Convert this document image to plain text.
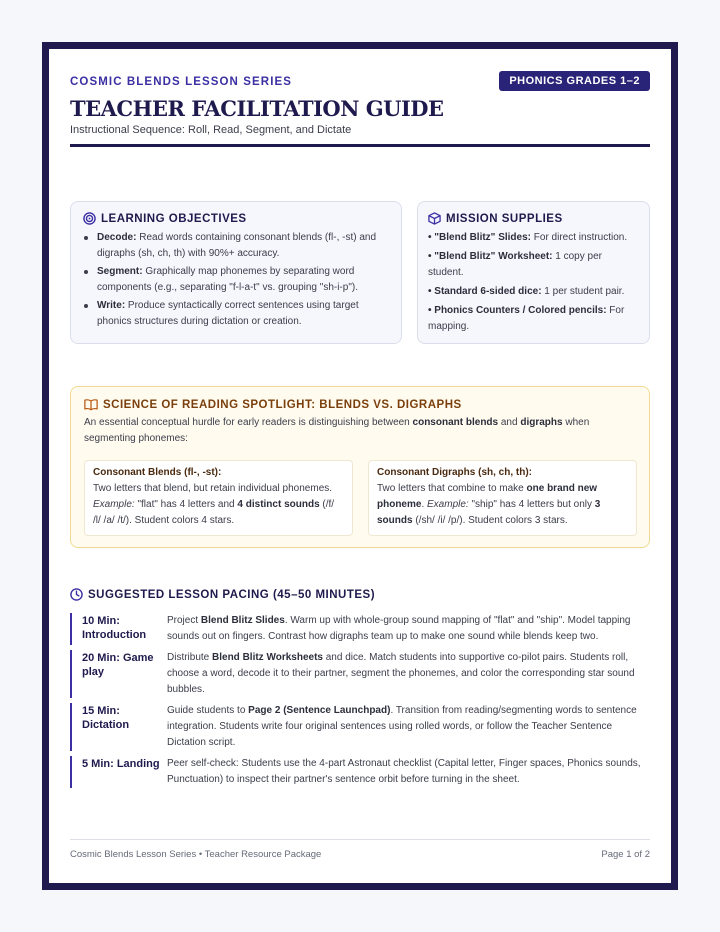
COSMIC BLENDS LESSON SERIES	PHONICS GRADES 1–2
TEACHER FACILITATION GUIDE
Instructional Sequence: Roll, Read, Segment, and Dictate
LEARNING OBJECTIVES
Decode: Read words containing consonant blends (fl-, -st) and digraphs (sh, ch, th) with 90%+ accuracy.
Segment: Graphically map phonemes by separating word components (e.g., separating "f-l-a-t" vs. grouping "sh-i-p").
Write: Produce syntactically correct sentences using target phonics structures during dictation or creation.
MISSION SUPPLIES
• "Blend Blitz" Slides: For direct instruction.
• "Blend Blitz" Worksheet: 1 copy per student.
• Standard 6-sided dice: 1 per student pair.
• Phonics Counters / Colored pencils: For mapping.
SCIENCE OF READING SPOTLIGHT: BLENDS VS. DIGRAPHS
An essential conceptual hurdle for early readers is distinguishing between consonant blends and digraphs when segmenting phonemes:
Consonant Blends (fl-, -st):
Two letters that blend, but retain individual phonemes. Example: "flat" has 4 letters and 4 distinct sounds (/f/ /l/ /a/ /t/). Student colors 4 stars.
Consonant Digraphs (sh, ch, th):
Two letters that combine to make one brand new phoneme. Example: "ship" has 4 letters but only 3 sounds (/sh/ /i/ /p/). Student colors 3 stars.
SUGGESTED LESSON PACING (45–50 MINUTES)
10 Min: Introduction
Project Blend Blitz Slides. Warm up with whole-group sound mapping of "flat" and "ship". Model tapping sounds out on fingers. Contrast how digraphs team up to make one sound while blends keep two.
20 Min: Game play
Distribute Blend Blitz Worksheets and dice. Match students into supportive co-pilot pairs. Students roll, choose a word, decode it to their partner, segment the phonemes, and color the corresponding star sound bubbles.
15 Min: Dictation
Guide students to Page 2 (Sentence Launchpad). Transition from reading/segmenting words to sentence integration. Students write four original sentences using rolled words, or follow the Teacher Sentence Dictation script.
5 Min: Landing Peer self-check: Students use the 4-part Astronaut checklist (Capital letter, Finger spaces, Phonics sounds, Punctuation) to inspect their partner's sentence orbit before turning in the sheet.
Cosmic Blends Lesson Series • Teacher Resource Package	Page 1 of 2
